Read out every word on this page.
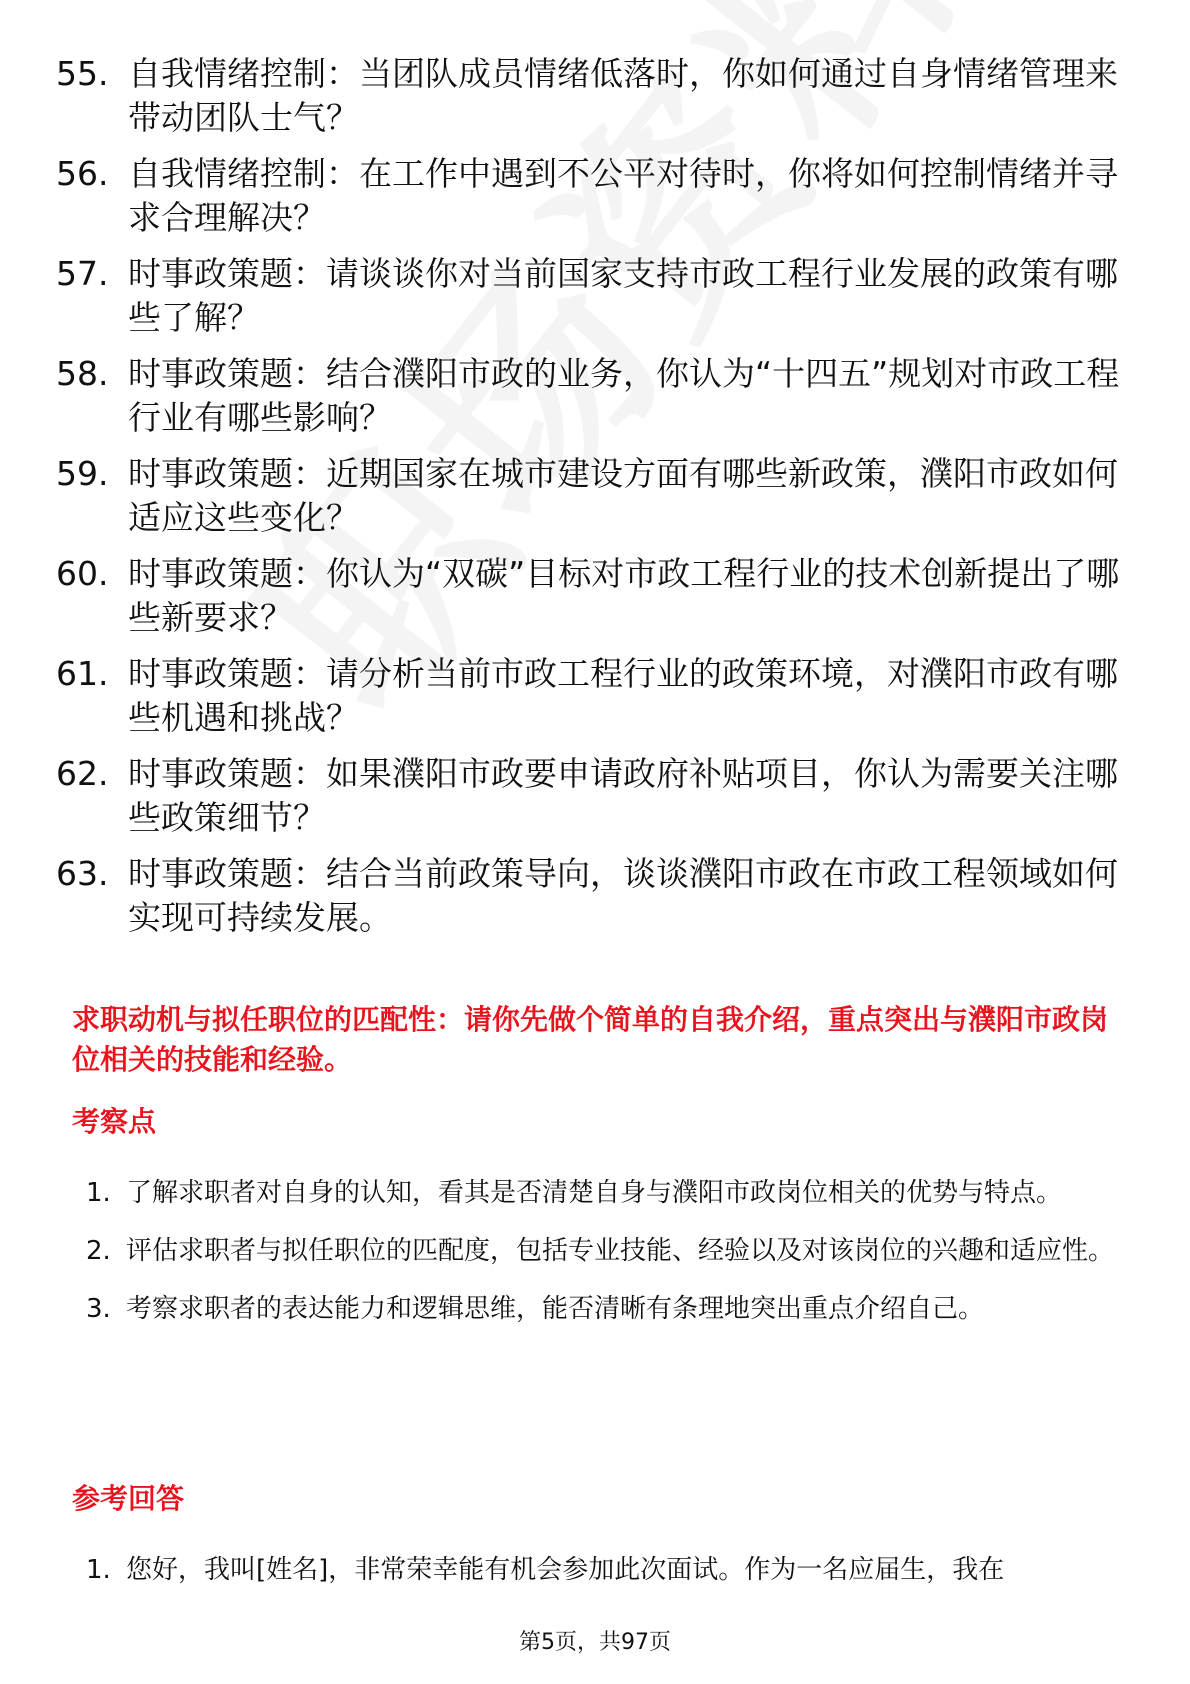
55. 自我情绪控制：当团队成员情绪低落时，你如何通过自身情绪管理来带动团队士气？
56. 自我情绪控制：在工作中遇到不公平对待时，你将如何控制情绪并寻求合理解决？
57. 时事政策题：请谈谈你对当前国家支持市政工程行业发展的政策有哪些了解？
58. 时事政策题：结合濮阳市政的业务，你认为“十四五”规划对市政工程行业有哪些影响？
59. 时事政策题：近期国家在城市建设方面有哪些新政策，濮阳市政如何适应这些变化？
60. 时事政策题：你认为“双碳”目标对市政工程行业的技术创新提出了哪些新要求？
61. 时事政策题：请分析当前市政工程行业的政策环境，对濮阳市政有哪些机遇和挑战？
62. 时事政策题：如果濮阳市政要申请政府补贴项目，你认为需要关注哪些政策细节？
63. 时事政策题：结合当前政策导向，谈谈濮阳市政在市政工程领域如何实现可持续发展。
求职动机与拟任职位的匹配性：请你先做个简单的自我介绍，重点突出与濮阳市政岗位相关的技能和经验。
考察点
1. 了解求职者对自身的认知，看其是否清楚自身与濮阳市政岗位相关的优势与特点。
2. 评估求职者与拟任职位的匹配度，包括专业技能、经验以及对该岗位的兴趣和适应性。
3. 考察求职者的表达能力和逻辑思维，能否清晰有条理地突出重点介绍自己。
参考回答
1. 您好，我叫[姓名]，非常荣幸能有机会参加此次面试。作为一名应届生，我在
第5页，共97页
